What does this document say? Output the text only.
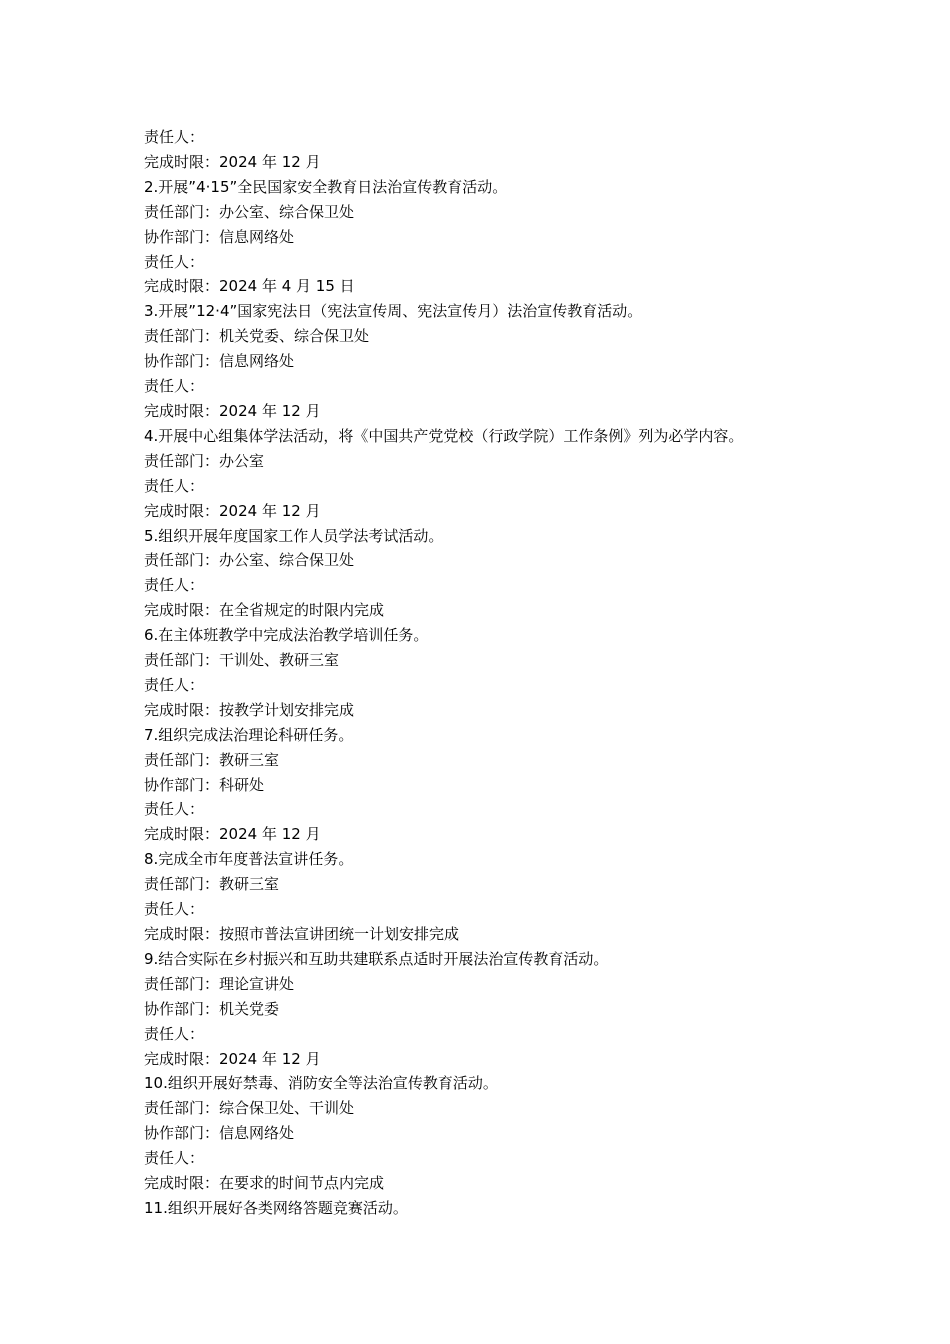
责任人：
完成时限：2024 年 12 月
2.开展”4·15”全民国家安全教育日法治宣传教育活动。
责任部门：办公室、综合保卫处
协作部门：信息网络处
责任人：
完成时限：2024 年 4 月 15 日
3.开展”12·4”国家宪法日（宪法宣传周、宪法宣传月）法治宣传教育活动。
责任部门：机关党委、综合保卫处
协作部门：信息网络处
责任人：
完成时限：2024 年 12 月
4.开展中心组集体学法活动，将《中国共产党党校（行政学院）工作条例》列为必学内容。
责任部门：办公室
责任人：
完成时限：2024 年 12 月
5.组织开展年度国家工作人员学法考试活动。
责任部门：办公室、综合保卫处
责任人：
完成时限：在全省规定的时限内完成
6.在主体班教学中完成法治教学培训任务。
责任部门：干训处、教研三室
责任人：
完成时限：按教学计划安排完成
7.组织完成法治理论科研任务。
责任部门：教研三室
协作部门：科研处
责任人：
完成时限：2024 年 12 月
8.完成全市年度普法宣讲任务。
责任部门：教研三室
责任人：
完成时限：按照市普法宣讲团统一计划安排完成
9.结合实际在乡村振兴和互助共建联系点适时开展法治宣传教育活动。
责任部门：理论宣讲处
协作部门：机关党委
责任人：
完成时限：2024 年 12 月
10.组织开展好禁毒、消防安全等法治宣传教育活动。
责任部门：综合保卫处、干训处
协作部门：信息网络处
责任人：
完成时限：在要求的时间节点内完成
11.组织开展好各类网络答题竞赛活动。
